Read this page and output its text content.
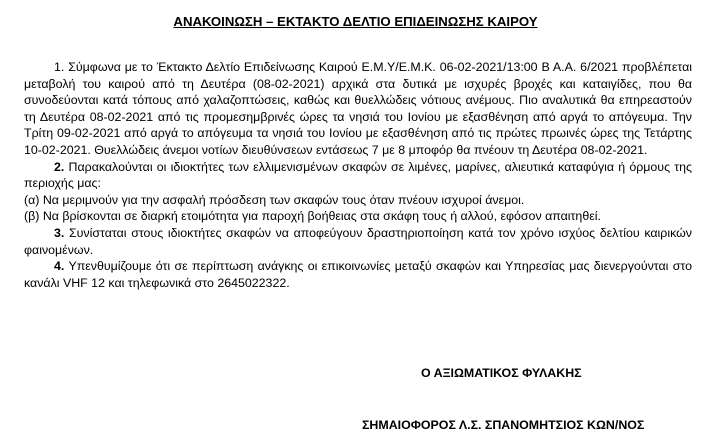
ΑΝΑΚΟΙΝΩΣΗ – ΕΚΤΑΚΤΟ ΔΕΛΤΙΟ ΕΠΙΔΕΙΝΩΣΗΣ ΚΑΙΡΟΥ

1. Σύμφωνα με το Έκτακτο Δελτίο Επιδείνωσης Καιρού Ε.Μ.Υ/Ε.Μ.Κ. 06-02-2021/13:00 Β Α.Α. 6/2021 προβλέπεται μεταβολή του καιρού από τη Δευτέρα (08-02-2021) αρχικά στα δυτικά με ισχυρές βροχές και καταιγίδες, που θα συνοδεύονται κατά τόπους από χαλαζοπτώσεις, καθώς και θυελλώδεις νότιους ανέμους. Πιο αναλυτικά θα επηρεαστούν τη Δευτέρα 08-02-2021 από τις προμεσημβρινές ώρες τα νησιά του Ιονίου με εξασθένηση από αργά το απόγευμα. Την Τρίτη 09-02-2021 από αργά το απόγευμα τα νησιά του Ιονίου με εξασθένηση από τις πρώτες πρωινές ώρες της Τετάρτης 10-02-2021. Θυελλώδεις άνεμοι νοτίων διευθύνσεων εντάσεως 7 με 8 μποφόρ θα πνέουν τη Δευτέρα 08-02-2021.

2. Παρακαλούνται οι ιδιοκτήτες των ελλιμενισμένων σκαφών σε λιμένες, μαρίνες, αλιευτικά καταφύγια ή όρμους της περιοχής μας:

(α) Να μεριμνούν για την ασφαλή πρόσδεση των σκαφών τους όταν πνέουν ισχυροί άνεμοι.

(β) Να βρίσκονται σε διαρκή ετοιμότητα για παροχή βοήθειας στα σκάφη τους ή αλλού, εφόσον απαιτηθεί.

3. Συνίσταται στους ιδιοκτήτες σκαφών να αποφεύγουν δραστηριοποίηση κατά τον χρόνο ισχύος δελτίου καιρικών φαινομένων.

4. Υπενθυμίζουμε ότι σε περίπτωση ανάγκης οι επικοινωνίες μεταξύ σκαφών και Υπηρεσίας μας διενεργούνται στο κανάλι VHF 12 και τηλεφωνικά στο 2645022322.

Ο ΑΞΙΩΜΑΤΙΚΟΣ ΦΥΛΑΚΗΣ
ΣΗΜΑΙΟΦΟΡΟΣ Λ.Σ. ΣΠΑΝΟΜΗΤΣΙΟΣ ΚΩΝ/ΝΟΣ
